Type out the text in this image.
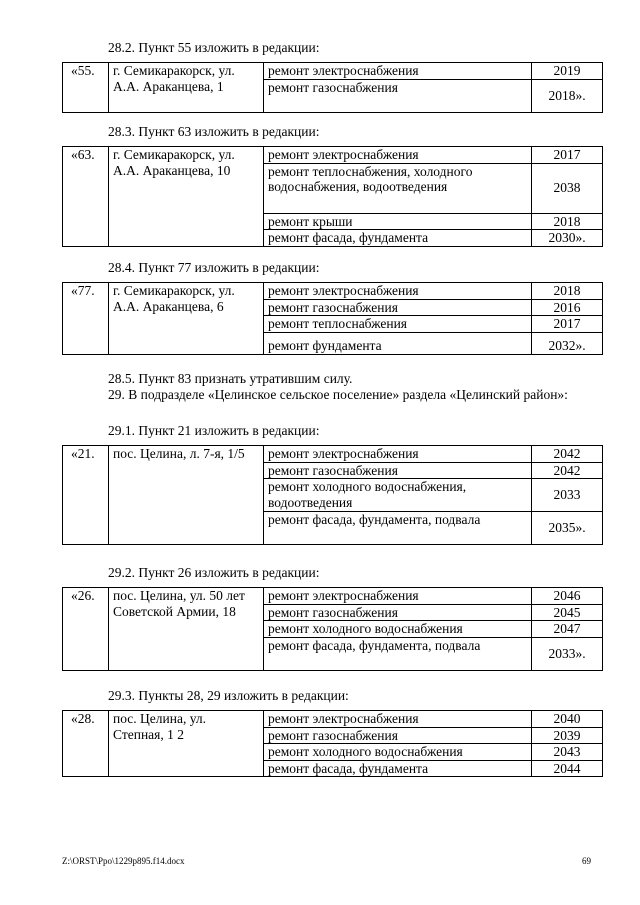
28.2. Пункт 55 изложить в редакции:
«55.	г. Семикаракорск, ул. А.А. Араканцева, 1	ремонт электроснабжения	2019
		ремонт газоснабжения	2018».
28.3. Пункт 63 изложить в редакции:
«63.	г. Семикаракорск, ул. А.А. Араканцева, 10	ремонт электроснабжения	2017
		ремонт теплоснабжения, холодного водоснабжения, водоотведения	2038
		ремонт крыши	2018
		ремонт фасада, фундамента	2030».
28.4. Пункт 77 изложить в редакции:
«77.	г. Семикаракорск, ул. А.А. Араканцева, 6	ремонт электроснабжения	2018
		ремонт газоснабжения	2016
		ремонт теплоснабжения	2017
		ремонт фундамента	2032».
28.5. Пункт 83 признать утратившим силу.
29. В подразделе «Целинское сельское поселение» раздела «Целинский район»:
29.1. Пункт 21 изложить в редакции:
«21.	пос. Целина, л. 7-я, 1/5	ремонт электроснабжения	2042
		ремонт газоснабжения	2042
		ремонт холодного водоснабжения, водоотведения	2033
		ремонт фасада, фундамента, подвала	2035».
29.2. Пункт 26 изложить в редакции:
«26.	пос. Целина, ул. 50 лет Советской Армии, 18	ремонт электроснабжения	2046
		ремонт газоснабжения	2045
		ремонт холодного водоснабжения	2047
		ремонт фасада, фундамента, подвала	2033».
29.3. Пункты 28, 29 изложить в редакции:
«28.	пос. Целина, ул. Степная, 1 2	ремонт электроснабжения	2040
		ремонт газоснабжения	2039
		ремонт холодного водоснабжения	2043
		ремонт фасада, фундамента	2044
Z:\ORST\Ppo\1229p895.f14.docx	69
